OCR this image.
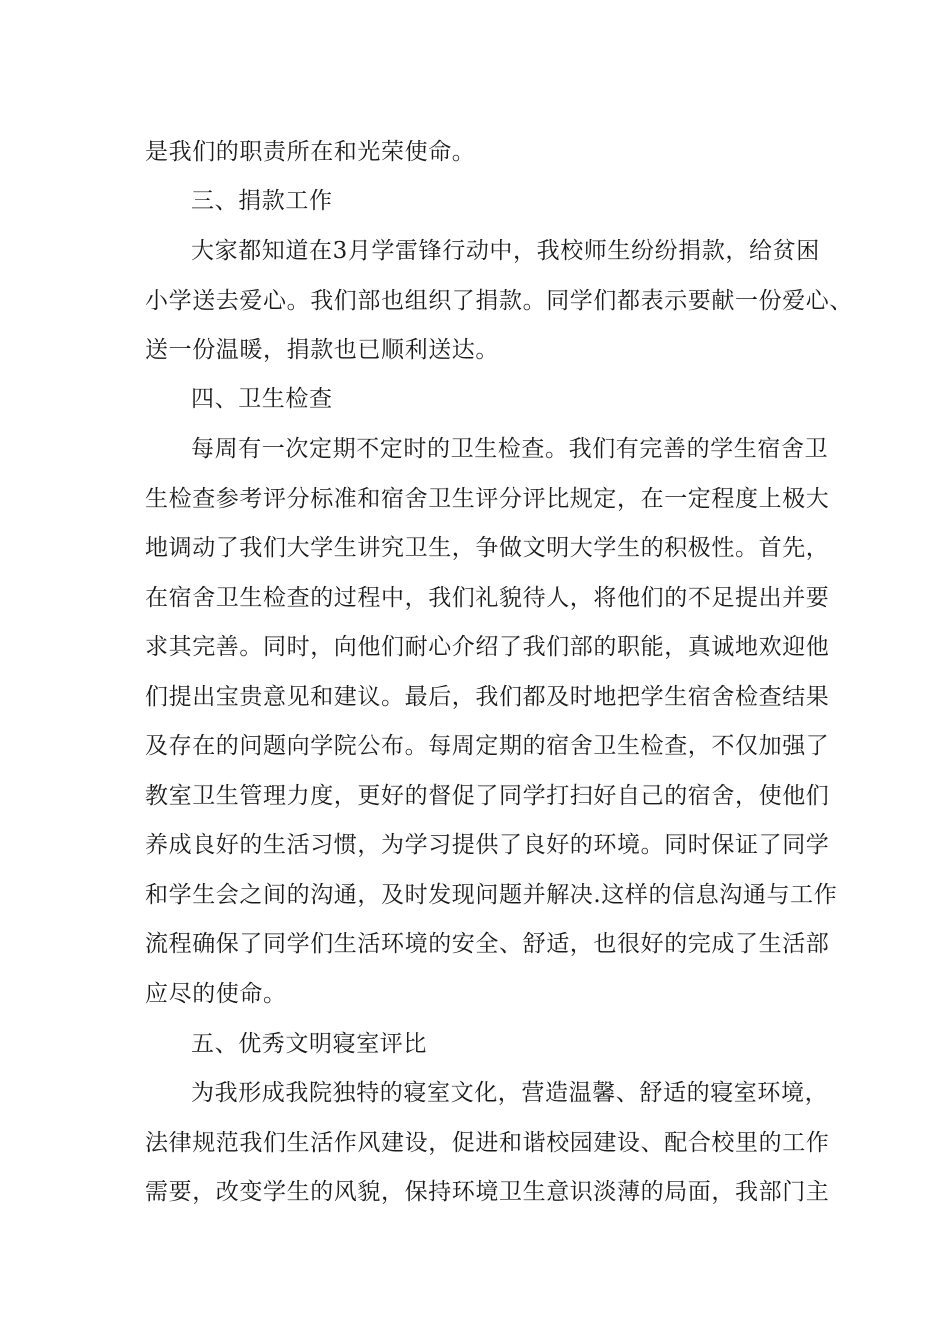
是我们的职责所在和光荣使命。
三、捐款工作
大家都知道在3月学雷锋行动中，我校师生纷纷捐款，给贫困
小学送去爱心。我们部也组织了捐款。同学们都表示要献一份爱心、
送一份温暖，捐款也已顺利送达。
四、卫生检查
每周有一次定期不定时的卫生检查。我们有完善的学生宿舍卫
生检查参考评分标准和宿舍卫生评分评比规定，在一定程度上极大
地调动了我们大学生讲究卫生，争做文明大学生的积极性。首先，
在宿舍卫生检查的过程中，我们礼貌待人，将他们的不足提出并要
求其完善。同时，向他们耐心介绍了我们部的职能，真诚地欢迎他
们提出宝贵意见和建议。最后，我们都及时地把学生宿舍检查结果
及存在的问题向学院公布。每周定期的宿舍卫生检查，不仅加强了
教室卫生管理力度，更好的督促了同学打扫好自己的宿舍，使他们
养成良好的生活习惯，为学习提供了良好的环境。同时保证了同学
和学生会之间的沟通，及时发现问题并解决.这样的信息沟通与工作
流程确保了同学们生活环境的安全、舒适，也很好的完成了生活部
应尽的使命。
五、优秀文明寝室评比
为我形成我院独特的寝室文化，营造温馨、舒适的寝室环境，
法律规范我们生活作风建设，促进和谐校园建设、配合校里的工作
需要，改变学生的风貌，保持环境卫生意识淡薄的局面，我部门主
